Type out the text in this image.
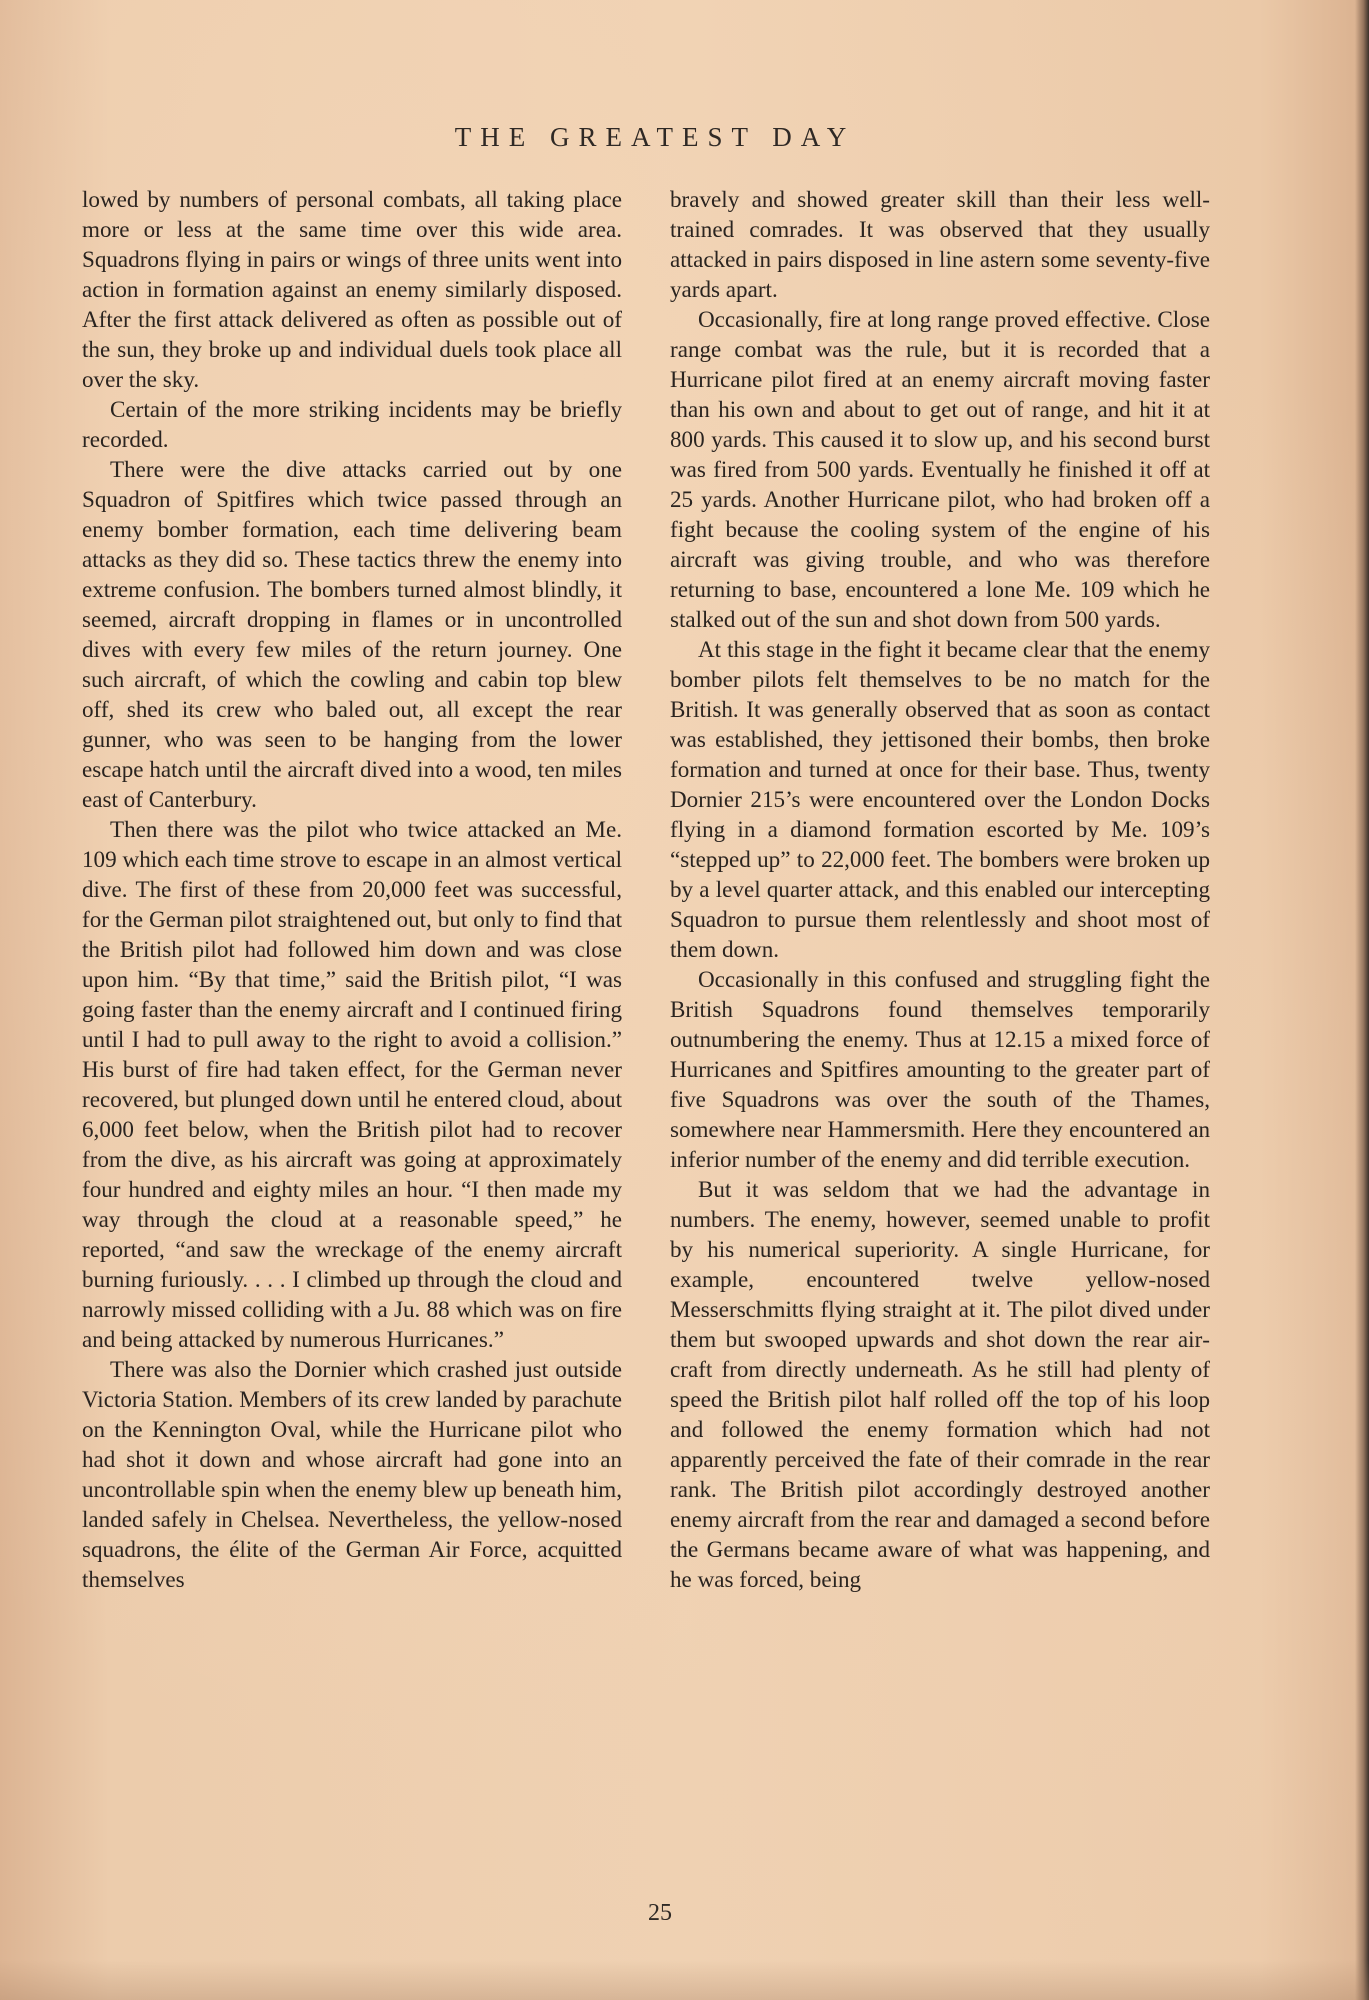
THE GREATEST DAY

lowed by numbers of personal combats, all taking place more or less at the same time over this wide area. Squadrons flying in pairs or wings of three units went into action in formation against an enemy similarly disposed. After the first attack delivered as often as possible out of the sun, they broke up and individual duels took place all over the sky.

Certain of the more striking incidents may be briefly recorded.

There were the dive attacks carried out by one Squadron of Spitfires which twice passed through an enemy bomber formation, each time delivering beam attacks as they did so. These tactics threw the enemy into extreme confusion. The bombers turned almost blindly, it seemed, aircraft dropping in flames or in uncontrolled dives with every few miles of the return journey. One such aircraft, of which the cowling and cabin top blew off, shed its crew who baled out, all except the rear gunner, who was seen to be hanging from the lower escape hatch until the aircraft dived into a wood, ten miles east of Canterbury.

Then there was the pilot who twice attacked an Me. 109 which each time strove to escape in an almost vertical dive. The first of these from 20,000 feet was successful, for the German pilot straightened out, but only to find that the British pilot had followed him down and was close upon him. “By that time,” said the British pilot, “I was going faster than the enemy aircraft and I continued firing until I had to pull away to the right to avoid a collision.” His burst of fire had taken effect, for the German never recovered, but plunged down until he entered cloud, about 6,000 feet below, when the British pilot had to recover from the dive, as his aircraft was going at approximately four hundred and eighty miles an hour. “I then made my way through the cloud at a reasonable speed,” he reported, “and saw the wreckage of the enemy aircraft burning furiously. . . . I climbed up through the cloud and narrowly missed colliding with a Ju. 88 which was on fire and being attacked by numerous Hurricanes.”

There was also the Dornier which crashed just outside Victoria Station. Members of its crew landed by parachute on the Kennington Oval, while the Hurricane pilot who had shot it down and whose aircraft had gone into an uncontrollable spin when the enemy blew up beneath him, landed safely in Chelsea. Nevertheless, the yellow-nosed squadrons, the élite of the German Air Force, acquitted themselves

bravely and showed greater skill than their less well-trained comrades. It was observed that they usually attacked in pairs disposed in line astern some seventy-five yards apart.

Occasionally, fire at long range proved effective. Close range combat was the rule, but it is recorded that a Hurricane pilot fired at an enemy aircraft moving faster than his own and about to get out of range, and hit it at 800 yards. This caused it to slow up, and his second burst was fired from 500 yards. Eventually he finished it off at 25 yards. Another Hurricane pilot, who had broken off a fight because the cooling system of the engine of his aircraft was giving trouble, and who was therefore returning to base, encountered a lone Me. 109 which he stalked out of the sun and shot down from 500 yards.

At this stage in the fight it became clear that the enemy bomber pilots felt themselves to be no match for the British. It was generally observed that as soon as contact was established, they jettisoned their bombs, then broke formation and turned at once for their base. Thus, twenty Dornier 215’s were encountered over the London Docks flying in a diamond formation escorted by Me. 109’s “stepped up” to 22,000 feet. The bombers were broken up by a level quarter attack, and this enabled our intercepting Squadron to pursue them relentlessly and shoot most of them down.

Occasionally in this confused and struggling fight the British Squadrons found themselves temporarily outnumbering the enemy. Thus at 12.15 a mixed force of Hurricanes and Spitfires amounting to the greater part of five Squadrons was over the south of the Thames, somewhere near Hammersmith. Here they encountered an inferior number of the enemy and did terrible execution.

But it was seldom that we had the advantage in numbers. The enemy, however, seemed unable to profit by his numerical superiority. A single Hurricane, for example, encountered twelve yellow-nosed Messerschmitts flying straight at it. The pilot dived under them but swooped upwards and shot down the rear aircraft from directly underneath. As he still had plenty of speed the British pilot half rolled off the top of his loop and followed the enemy formation which had not apparently perceived the fate of their comrade in the rear rank. The British pilot accordingly destroyed another enemy aircraft from the rear and damaged a second before the Germans became aware of what was happening, and he was forced, being

25
